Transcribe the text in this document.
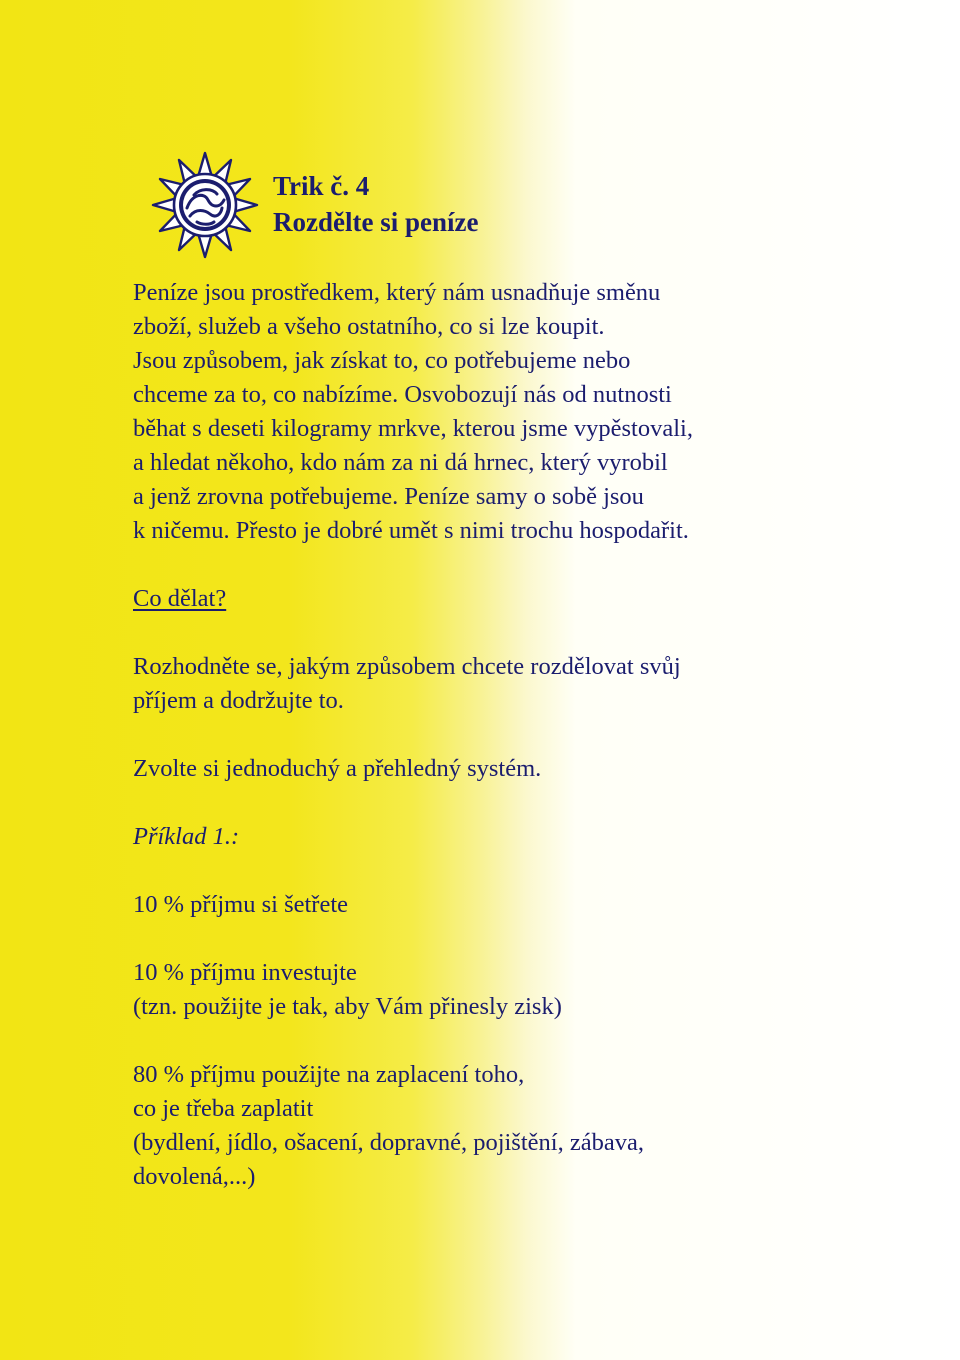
Trik č. 4
Rozdělte si peníze

Peníze jsou prostředkem, který nám usnadňuje směnu
zboží, služeb a všeho ostatního, co si lze koupit.
Jsou způsobem, jak získat to, co potřebujeme nebo
chceme za to, co nabízíme. Osvobozují nás od nutnosti
běhat s deseti kilogramy mrkve, kterou jsme vypěstovali,
a hledat někoho, kdo nám za ni dá hrnec, který vyrobil
a jenž zrovna potřebujeme. Peníze samy o sobě jsou
k ničemu. Přesto je dobré umět s nimi trochu hospodařit.

Co dělat?

Rozhodněte se, jakým způsobem chcete rozdělovat svůj
příjem a dodržujte to.

Zvolte si jednoduchý a přehledný systém.

Příklad 1.:

10 % příjmu si šetřete

10 % příjmu investujte
(tzn. použijte je tak, aby Vám přinesly zisk)

80 % příjmu použijte na zaplacení toho,
co je třeba zaplatit
(bydlení, jídlo, ošacení, dopravné, pojištění, zábava,
dovolená,...)
